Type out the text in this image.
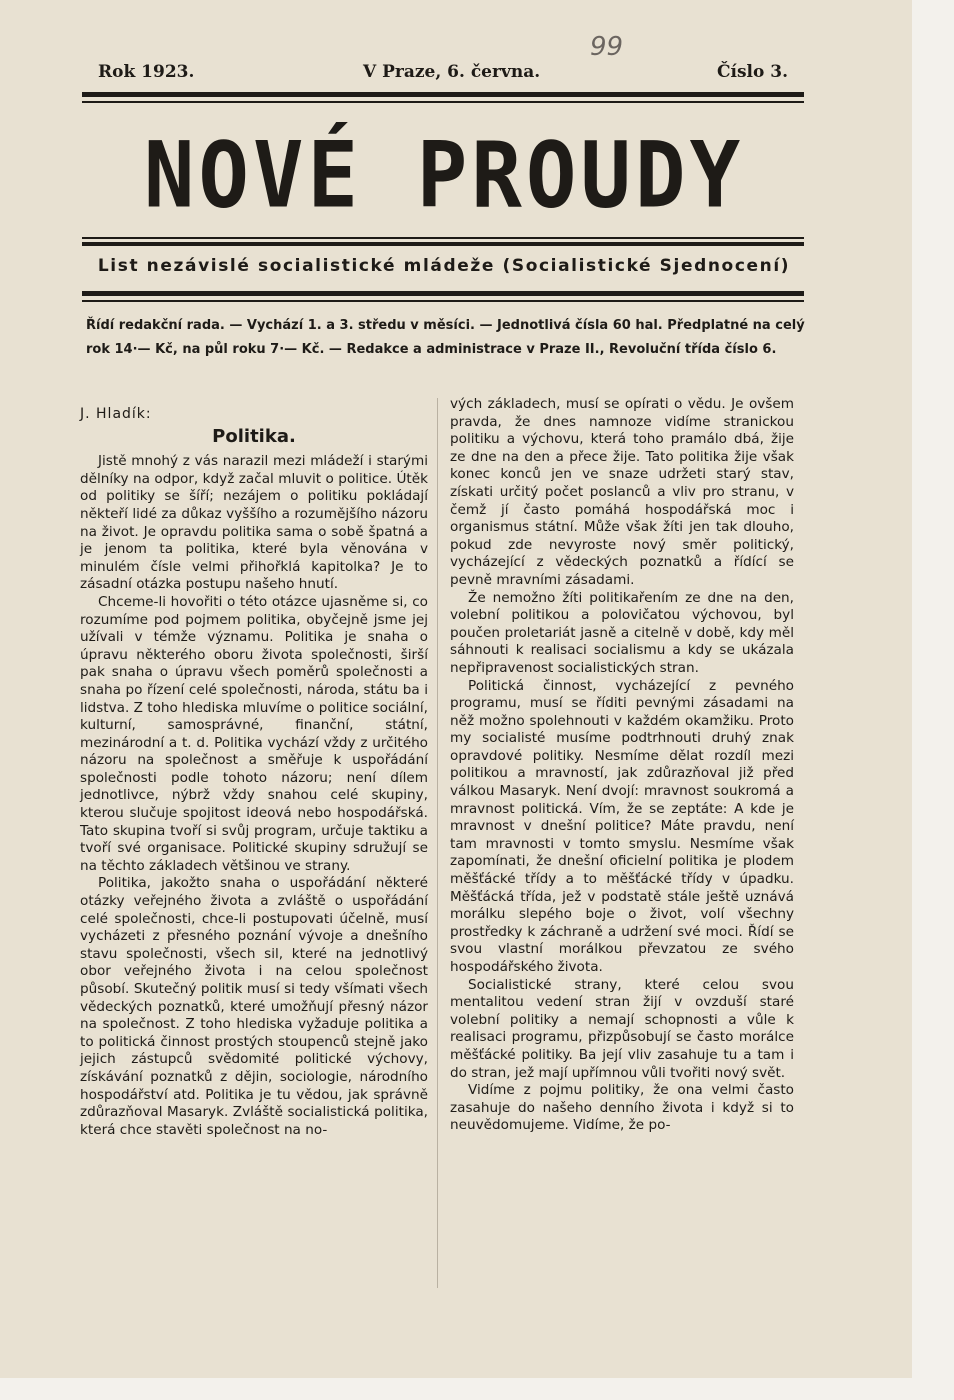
99
Rok 1923.	V Praze, 6. června.	Číslo 3.
NOVÉ PROUDY
List nezávislé socialistické mládeže (Socialistické Sjednocení)
Řídí redakční rada. — Vychází 1. a 3. středu v měsíci. — Jednotlivá čísla 60 hal. Předplatné na celý
rok 14·— Kč, na půl roku 7·— Kč. — Redakce a administrace v Praze II., Revoluční třída číslo 6.
J. Hladík:
Politika.

Jistě mnohý z vás narazil mezi mládeží i starými dělníky na odpor, když začal mluvit o politice. Útěk od politiky se šíří; nezájem o politiku pokládají někteří lidé za důkaz vyššího a rozumějšího názoru na život. Je opravdu politika sama o sobě špatná a je jenom ta politika, které byla věnována v minulém čísle velmi přihořklá kapitolka? Je to zásadní otázka postupu našeho hnutí.

Chceme-li hovořiti o této otázce ujasněme si, co rozumíme pod pojmem politika, obyčejně jsme jej užívali v témže významu. Politika je snaha o úpravu některého oboru života společnosti, širší pak snaha o úpravu všech poměrů společnosti a snaha po řízení celé společnosti, národa, státu ba i lidstva. Z toho hlediska mluvíme o politice sociální, kulturní, samosprávné, finanční, státní, mezinárodní a t. d. Politika vychází vždy z určitého názoru na společnost a směřuje k uspořádání společnosti podle tohoto názoru; není dílem jednotlivce, nýbrž vždy snahou celé skupiny, kterou slučuje spojitost ideová nebo hospodářská. Tato skupina tvoří si svůj program, určuje taktiku a tvoří své organisace. Politické skupiny sdružují se na těchto základech většinou ve strany.

Politika, jakožto snaha o uspořádání některé otázky veřejného života a zvláště o uspořádání celé společnosti, chce-li postupovati účelně, musí vycházeti z přesného poznání vývoje a dnešního stavu společnosti, všech sil, které na jednotlivý obor veřejného života i na celou společnost působí. Skutečný politik musí si tedy všímati všech vědeckých poznatků, které umožňují přesný názor na společnost. Z toho hlediska vyžaduje politika a to politická činnost prostých stoupenců stejně jako jejich zástupců svědomité politické výchovy, získávání poznatků z dějin, sociologie, národního hospodářství atd. Politika je tu vědou, jak správně zdůrazňoval Masaryk. Zvláště socialistická politika, která chce stavěti společnost na no-

vých základech, musí se opírati o vědu. Je ovšem pravda, že dnes namnoze vidíme stranickou politiku a výchovu, která toho pramálo dbá, žije ze dne na den a přece žije. Tato politika žije však konec konců jen ve snaze udržeti starý stav, získati určitý počet poslanců a vliv pro stranu, v čemž jí často pomáhá hospodářská moc i organismus státní. Může však žíti jen tak dlouho, pokud zde nevyroste nový směr politický, vycházející z vědeckých poznatků a řídící se pevně mravními zásadami.

Že nemožno žíti politikařením ze dne na den, volební politikou a polovičatou výchovou, byl poučen proletariát jasně a citelně v době, kdy měl sáhnouti k realisaci socialismu a kdy se ukázala nepřipravenost socialistických stran.

Politická činnost, vycházející z pevného programu, musí se říditi pevnými zásadami na něž možno spolehnouti v každém okamžiku. Proto my socialisté musíme podtrhnouti druhý znak opravdové politiky. Nesmíme dělat rozdíl mezi politikou a mravností, jak zdůrazňoval již před válkou Masaryk. Není dvojí: mravnost soukromá a mravnost politická. Vím, že se zeptáte: A kde je mravnost v dnešní politice? Máte pravdu, není tam mravnosti v tomto smyslu. Nesmíme však zapomínati, že dnešní oficielní politika je plodem měšťácké třídy a to měšťácké třídy v úpadku. Měšťácká třída, jež v podstatě stále ještě uznává morálku slepého boje o život, volí všechny prostředky k záchraně a udržení své moci. Řídí se svou vlastní morálkou převzatou ze svého hospodářského života.

Socialistické strany, které celou svou mentalitou vedení stran žijí v ovzduší staré volební politiky a nemají schopnosti a vůle k realisaci programu, přizpůsobují se často morálce měšťácké politiky. Ba její vliv zasahuje tu a tam i do stran, jež mají upřímnou vůli tvořiti nový svět.

Vidíme z pojmu politiky, že ona velmi často zasahuje do našeho denního života i když si to neuvědomujeme. Vidíme, že po-
